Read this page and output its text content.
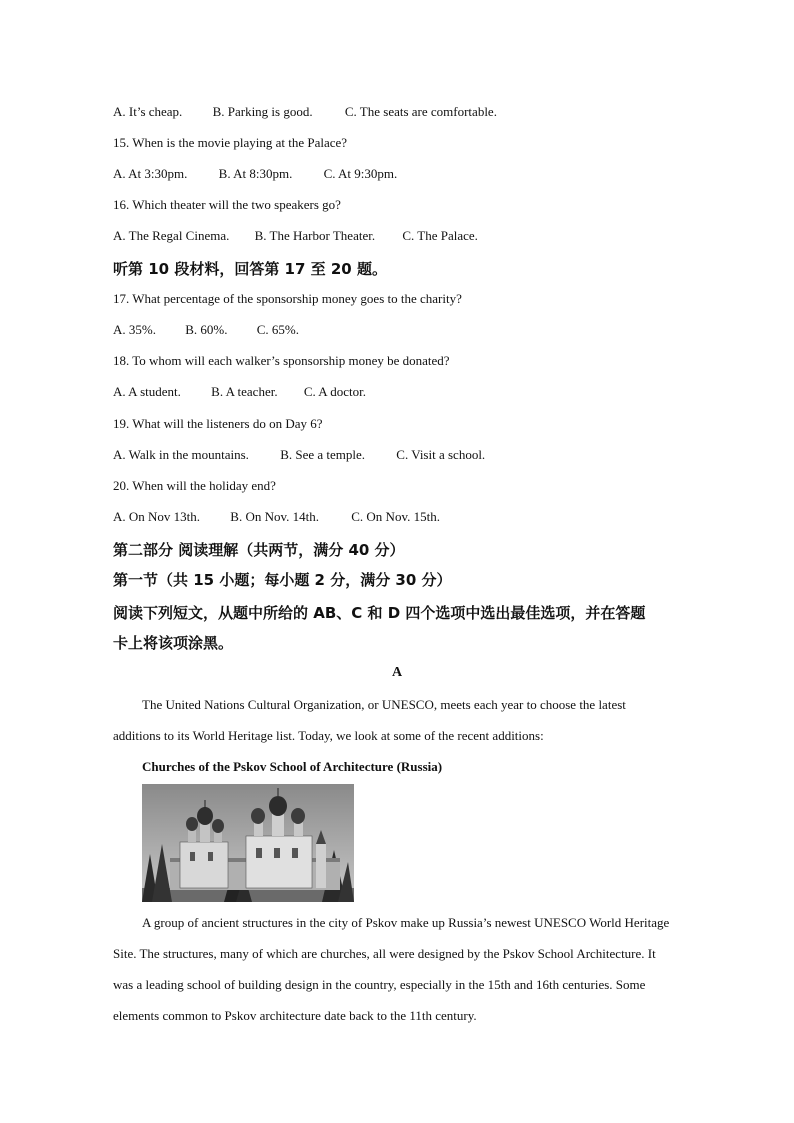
A. It’s cheap. B. Parking is good. C. The seats are comfortable.
15. When is the movie playing at the Palace?
A. At 3:30pm. B. At 8:30pm. C. At 9:30pm.
16. Which theater will the two speakers go?
A. The Regal Cinema. B. The Harbor Theater. C. The Palace.
听第 10 段材料，回答第 17 至 20 题。
17. What percentage of the sponsorship money goes to the charity?
A. 35%. B. 60%. C. 65%.
18. To whom will each walker’s sponsorship money be donated?
A. A student. B. A teacher. C. A doctor.
19. What will the listeners do on Day 6?
A. Walk in the mountains. B. See a temple. C. Visit a school.
20. When will the holiday end?
A. On Nov 13th. B. On Nov. 14th. C. On Nov. 15th.
第二部分 阅读理解（共两节，满分 40 分）
第一节（共 15 小题；每小题 2 分，满分 30 分）
阅读下列短文，从题中所给的 AB、C 和 D 四个选项中选出最佳选项，并在答题
卡上将该项涂黑。
A
The United Nations Cultural Organization, or UNESCO, meets each year to choose the latest additions to its World Heritage list. Today, we look at some of the recent additions:
Churches of the Pskov School of Architecture (Russia)
A group of ancient structures in the city of Pskov make up Russia’s newest UNESCO World Heritage Site. The structures, many of which are churches, all were designed by the Pskov School Architecture. It was a leading school of building design in the country, especially in the 15th and 16th centuries. Some elements common to Pskov architecture date back to the 11th century.
